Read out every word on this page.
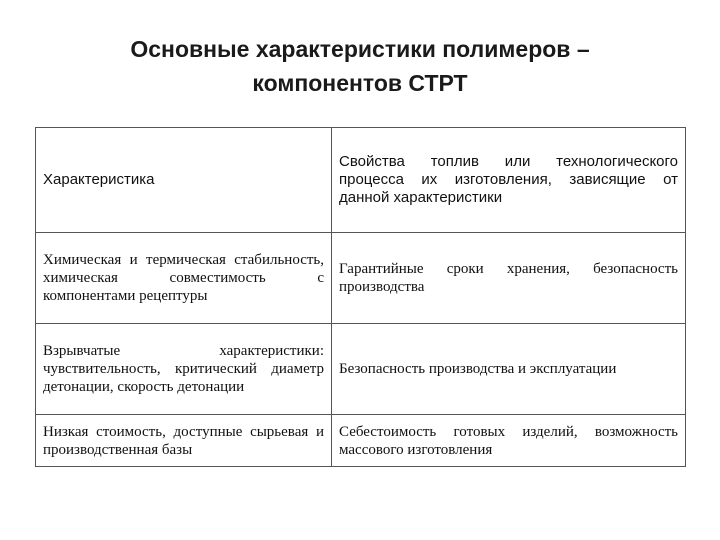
Основные характеристики полимеров –
компонентов СТРТ
Характеристика	Свойства топлив или технологического процесса их изготовления, зависящие от данной характеристики
Химическая и термическая стабильность, химическая совместимость с компонентами рецептуры	Гарантийные сроки хранения, безопасность производства
Взрывчатые характеристики: чувствительность, критический диаметр детонации, скорость детонации	Безопасность производства и эксплуатации
Низкая стоимость, доступные сырьевая и производственная базы	Себестоимость готовых изделий, возможность массового изготовления
